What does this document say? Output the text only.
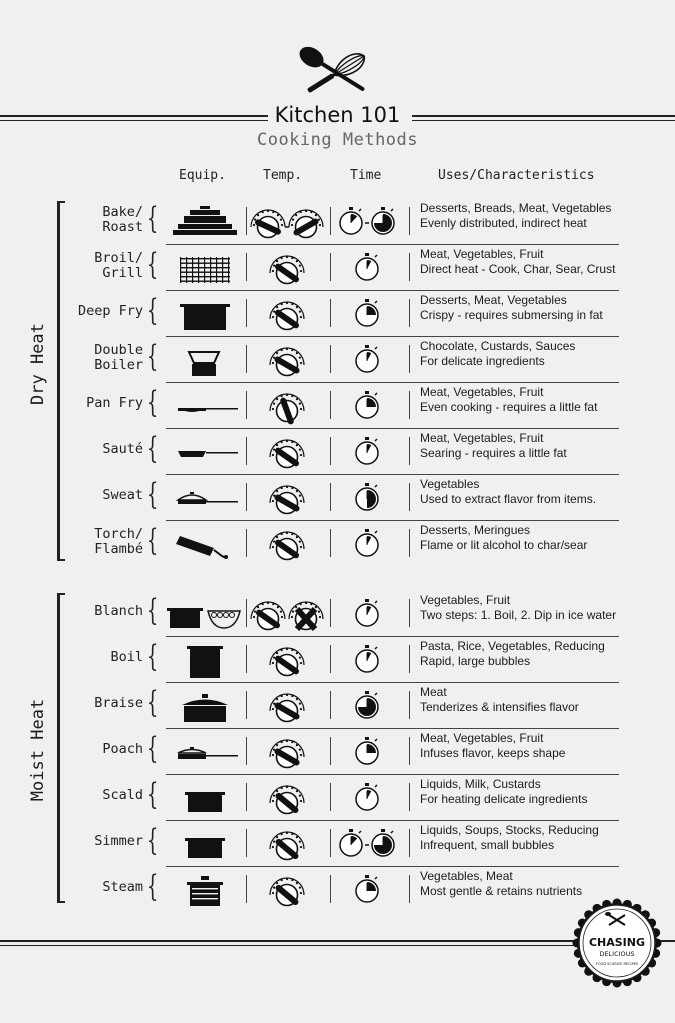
Kitchen 101
Cooking Methods
Equip.	Temp.	Time	Uses/Characteristics
Dry Heat
Moist Heat
Bake/
Roast {	Desserts, Breads, Meat, Vegetables
Evenly distributed, indirect heat
Broil/
Grill {	Meat, Vegetables, Fruit
Direct heat - Cook, Char, Sear, Crust
Deep Fry {	Desserts, Meat, Vegetables
Crispy - requires submersing in fat
Double
Boiler {	Chocolate, Custards, Sauces
For delicate ingredients
Pan Fry {	Meat, Vegetables, Fruit
Even cooking - requires a little fat
Sauté {	Meat, Vegetables, Fruit
Searing - requires a little fat
Sweat {	Vegetables
Used to extract flavor from items.
Torch/
Flambé {	Desserts, Meringues
Flame or lit alcohol to char/sear
Blanch {	Vegetables, Fruit
Two steps: 1. Boil, 2. Dip in ice water
Boil {	Pasta, Rice, Vegetables, Reducing
Rapid, large bubbles
Braise {	Meat
Tenderizes & intensifies flavor
Poach {	Meat, Vegetables, Fruit
Infuses flavor, keeps shape
Scald {	Liquids, Milk, Custards
For heating delicate ingredients
Simmer {	Liquids, Soups, Stocks, Reducing
Infrequent, small bubbles
Steam {	Vegetables, Meat
Most gentle & retains nutrients
CHASING
DELICIOUS
FOOD SCIENCE RECIPES
